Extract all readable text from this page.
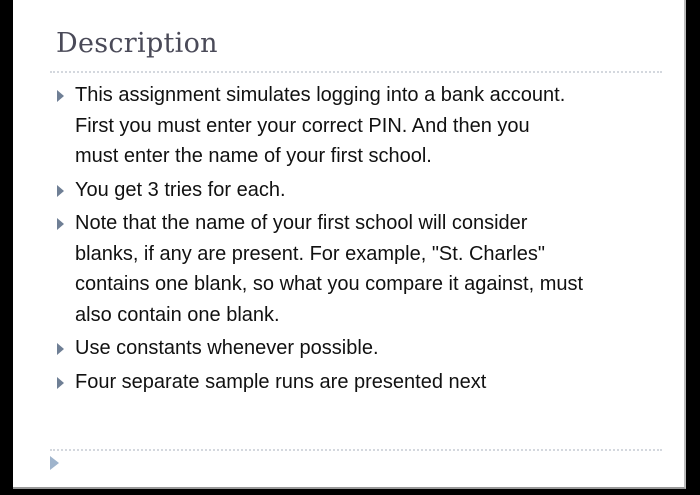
Description
This assignment simulates logging into a bank account.
First you must enter your correct PIN. And then you
must enter the name of your first school.
You get 3 tries for each.
Note that the name of your first school will consider
blanks, if any are present. For example, "St. Charles"
contains one blank, so what you compare it against, must
also contain one blank.
Use constants whenever possible.
Four separate sample runs are presented next
